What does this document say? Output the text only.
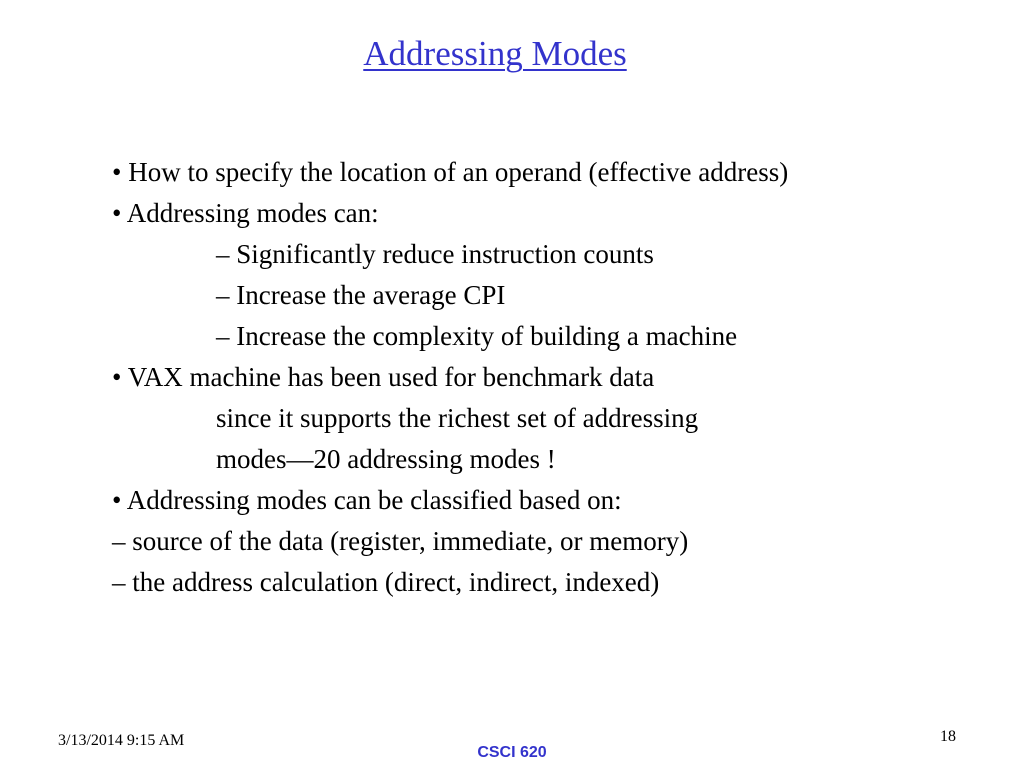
Addressing Modes
• How to specify the location of an operand (effective address)
• Addressing modes can:
– Significantly reduce instruction counts
– Increase the average CPI
– Increase the complexity of building a machine
• VAX machine has been used for benchmark data
since it supports the richest set of addressing
modes—20 addressing modes !
• Addressing modes can be classified based on:
– source of the data (register, immediate, or memory)
– the address calculation (direct, indirect, indexed)
3/13/2014 9:15 AM
CSCI 620
18
